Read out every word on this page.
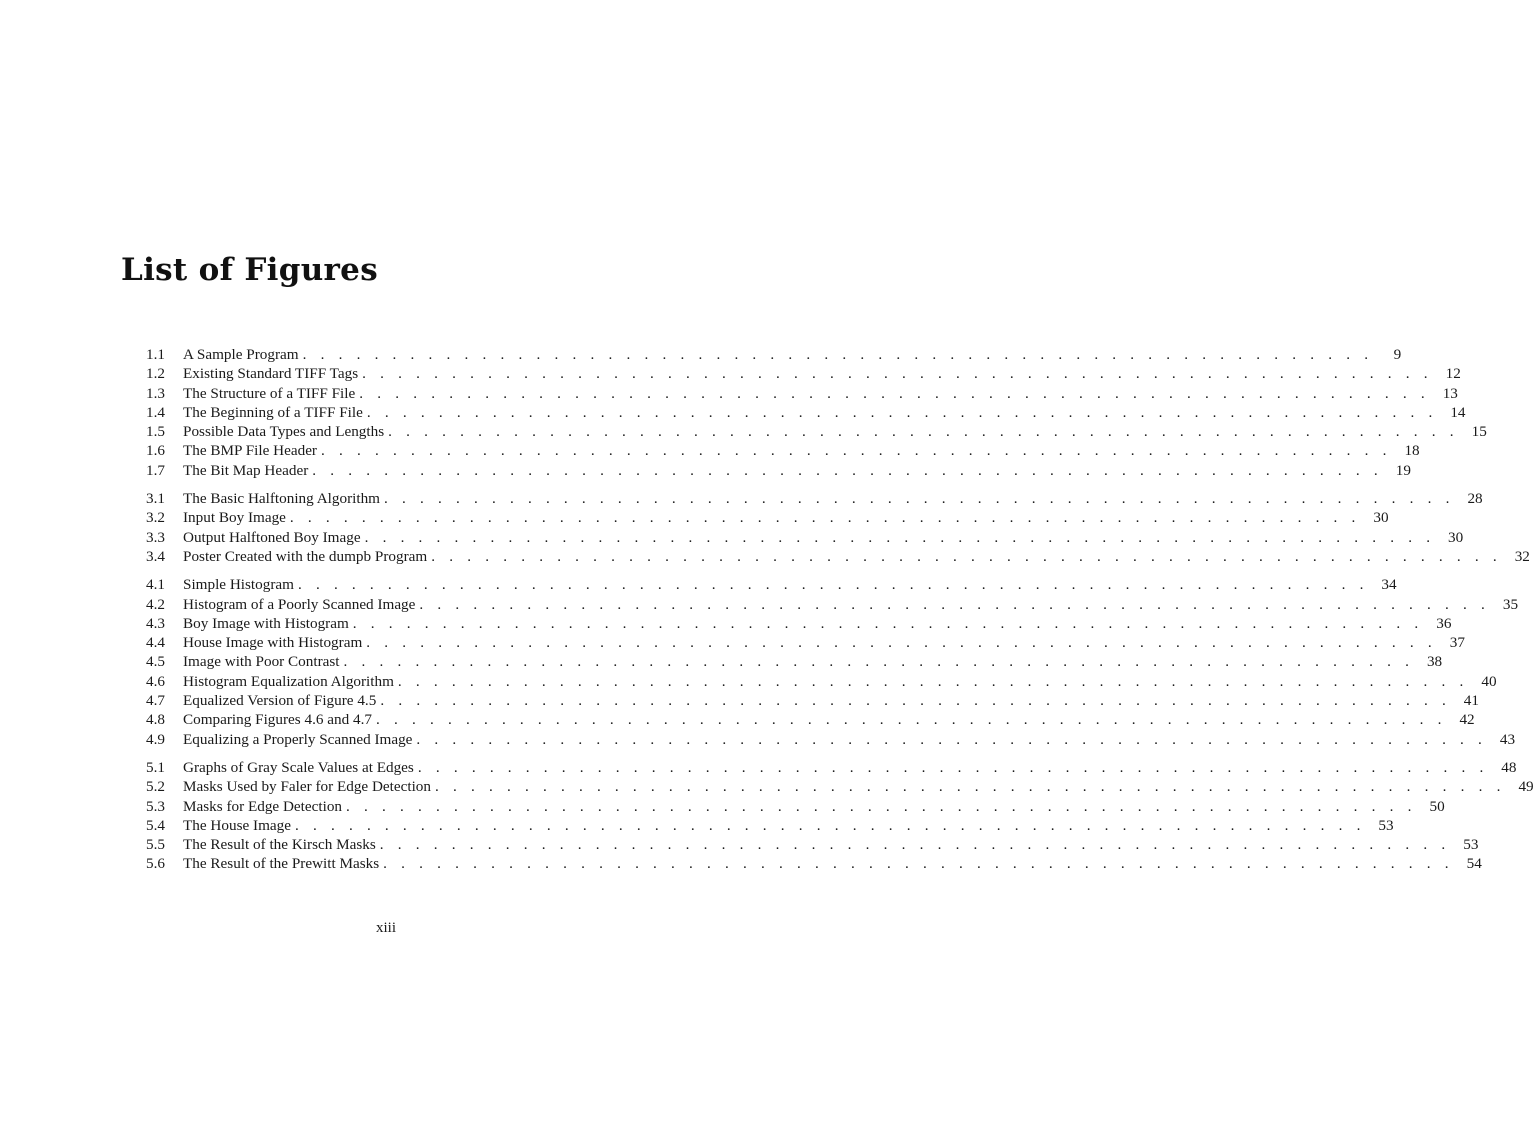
List of Figures
1.1	A Sample Program . . . . . . . . . . . . . . . . . . . . . . . . . . . . . . . . . . . . . . . . . . . . . . . . . . . . . . . . . . . .	9
1.2	Existing Standard TIFF Tags . . . . . . . . . . . . . . . . . . . . . . . . . . . . . . . . . . . . . . . . . . . . . . . . . . . . . . . . . . . . 12
1.3	The Structure of a TIFF File . . . . . . . . . . . . . . . . . . . . . . . . . . . . . . . . . . . . . . . . . . . . . . . . . . . . . . . . . . . . 13
1.4	The Beginning of a TIFF File . . . . . . . . . . . . . . . . . . . . . . . . . . . . . . . . . . . . . . . . . . . . . . . . . . . . . . . . . . . . 14
1.5	Possible Data Types and Lengths . . . . . . . . . . . . . . . . . . . . . . . . . . . . . . . . . . . . . . . . . . . . . . . . . . . . . . . . . . . . 15
1.6	The BMP File Header . . . . . . . . . . . . . . . . . . . . . . . . . . . . . . . . . . . . . . . . . . . . . . . . . . . . . . . . . . . . 18
1.7	The Bit Map Header . . . . . . . . . . . . . . . . . . . . . . . . . . . . . . . . . . . . . . . . . . . . . . . . . . . . . . . . . . . . 19
3.1	The Basic Halftoning Algorithm . . . . . . . . . . . . . . . . . . . . . . . . . . . . . . . . . . . . . . . . . . . . . . . . . . . . . . . . . . . . 28
3.2	Input Boy Image . . . . . . . . . . . . . . . . . . . . . . . . . . . . . . . . . . . . . . . . . . . . . . . . . . . . . . . . . . . . 30
3.3	Output Halftoned Boy Image . . . . . . . . . . . . . . . . . . . . . . . . . . . . . . . . . . . . . . . . . . . . . . . . . . . . . . . . . . . . 30
3.4	Poster Created with the dumpb Program . . . . . . . . . . . . . . . . . . . . . . . . . . . . . . . . . . . . . . . . . . . . . . . . . . . . . . . . . . . . 32
4.1	Simple Histogram . . . . . . . . . . . . . . . . . . . . . . . . . . . . . . . . . . . . . . . . . . . . . . . . . . . . . . . . . . . . 34
4.2	Histogram of a Poorly Scanned Image . . . . . . . . . . . . . . . . . . . . . . . . . . . . . . . . . . . . . . . . . . . . . . . . . . . . . . . . . . . . 35
4.3	Boy Image with Histogram . . . . . . . . . . . . . . . . . . . . . . . . . . . . . . . . . . . . . . . . . . . . . . . . . . . . . . . . . . . . 36
4.4	House Image with Histogram . . . . . . . . . . . . . . . . . . . . . . . . . . . . . . . . . . . . . . . . . . . . . . . . . . . . . . . . . . . . 37
4.5	Image with Poor Contrast . . . . . . . . . . . . . . . . . . . . . . . . . . . . . . . . . . . . . . . . . . . . . . . . . . . . . . . . . . . . 38
4.6	Histogram Equalization Algorithm . . . . . . . . . . . . . . . . . . . . . . . . . . . . . . . . . . . . . . . . . . . . . . . . . . . . . . . . . . . . 40
4.7	Equalized Version of Figure 4.5 . . . . . . . . . . . . . . . . . . . . . . . . . . . . . . . . . . . . . . . . . . . . . . . . . . . . . . . . . . . . 41
4.8	Comparing Figures 4.6 and 4.7 . . . . . . . . . . . . . . . . . . . . . . . . . . . . . . . . . . . . . . . . . . . . . . . . . . . . . . . . . . . . 42
4.9	Equalizing a Properly Scanned Image . . . . . . . . . . . . . . . . . . . . . . . . . . . . . . . . . . . . . . . . . . . . . . . . . . . . . . . . . . . . 43
5.1	Graphs of Gray Scale Values at Edges . . . . . . . . . . . . . . . . . . . . . . . . . . . . . . . . . . . . . . . . . . . . . . . . . . . . . . . . . . . . 48
5.2	Masks Used by Faler for Edge Detection . . . . . . . . . . . . . . . . . . . . . . . . . . . . . . . . . . . . . . . . . . . . . . . . . . . . . . . . . . . . 49
5.3	Masks for Edge Detection . . . . . . . . . . . . . . . . . . . . . . . . . . . . . . . . . . . . . . . . . . . . . . . . . . . . . . . . . . . . 50
5.4	The House Image . . . . . . . . . . . . . . . . . . . . . . . . . . . . . . . . . . . . . . . . . . . . . . . . . . . . . . . . . . . . 53
5.5	The Result of the Kirsch Masks . . . . . . . . . . . . . . . . . . . . . . . . . . . . . . . . . . . . . . . . . . . . . . . . . . . . . . . . . . . . 53
5.6	The Result of the Prewitt Masks . . . . . . . . . . . . . . . . . . . . . . . . . . . . . . . . . . . . . . . . . . . . . . . . . . . . . . . . . . . . 54
xiii
